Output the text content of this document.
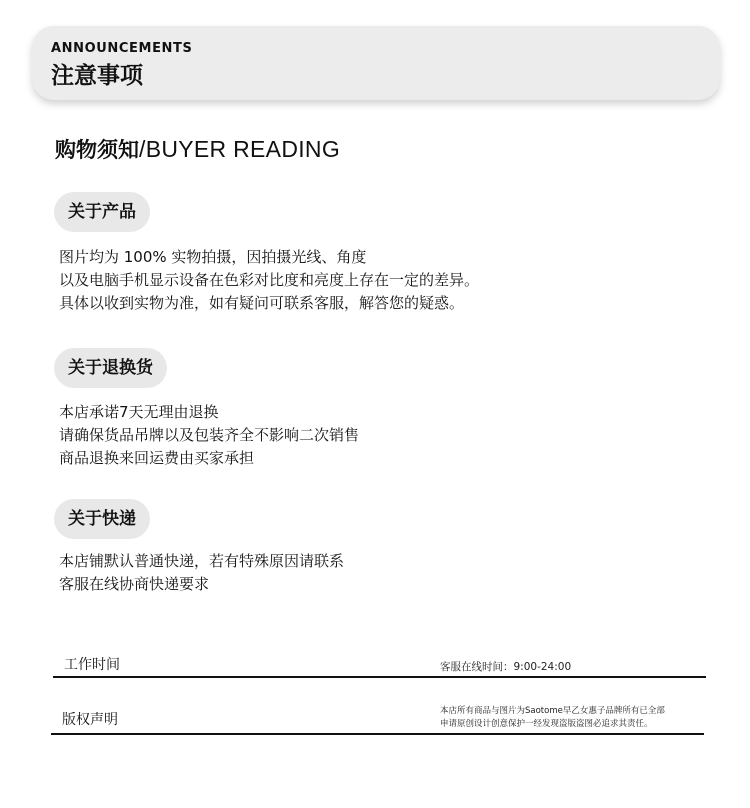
ANNOUNCEMENTS
注意事项
购物须知/BUYER READING
关于产品
图片均为 100% 实物拍摄，因拍摄光线、角度
以及电脑手机显示设备在色彩对比度和亮度上存在一定的差异。
具体以收到实物为准，如有疑问可联系客服，解答您的疑惑。
关于退换货
本店承诺7天无理由退换
请确保货品吊牌以及包装齐全不影响二次销售
商品退换来回运费由买家承担
关于快递
本店铺默认普通快递，若有特殊原因请联系
客服在线协商快递要求
工作时间	客服在线时间：9:00-24:00
版权声明
本店所有商品与图片为Saotome早乙女惠子品牌所有已全部
申请原创设计创意保护一经发现盗版盗图必追求其责任。
